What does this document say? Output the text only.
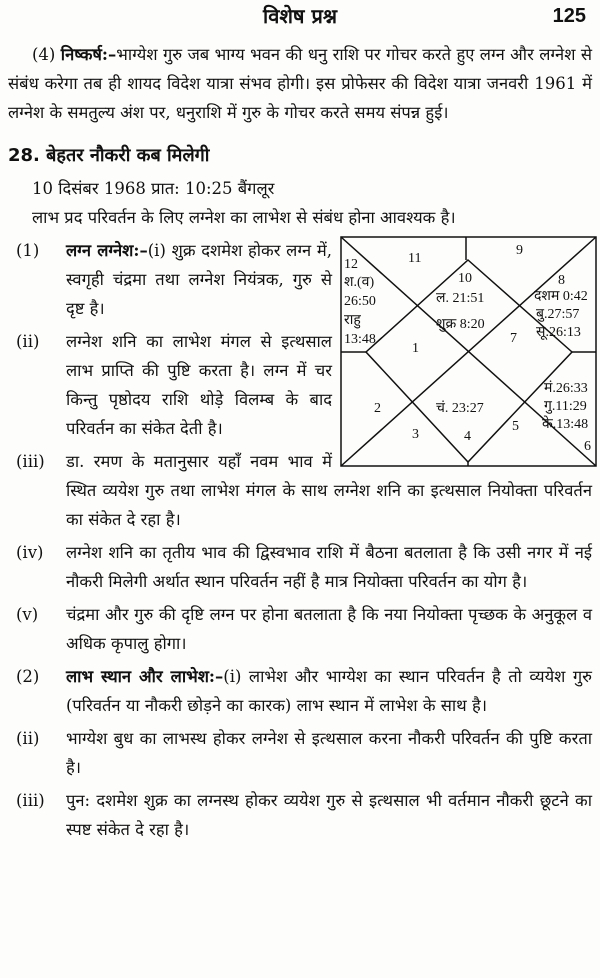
विशेष प्रश्न	125

(4) निष्कर्ष:–भाग्येश गुरु जब भाग्य भवन की धनु राशि पर गोचर करते हुए लग्न और लग्नेश से संबंध करेगा तब ही शायद विदेश यात्रा संभव होगी। इस प्रोफेसर की विदेश यात्रा जनवरी 1961 में लग्नेश के समतुल्य अंश पर, धनुराशि में गुरु के गोचर करते समय संपन्न हुई।

28. बेहतर नौकरी कब मिलेगी

10 दिसंबर 1968 प्रात: 10:25 बैंगलूर

लाभ प्रद परिवर्तन के लिए लग्नेश का लाभेश से संबंध होना आवश्यक है।

11
9
10
ल. 21:51
शुक्र 8:20
12
श.(व)
26:50
राहु
13:48
8
दशम 0:42
बु.27:57
सू.26:13
1
7
2	चं. 23:27
3	4
5
मं.26:33
गु.11:29
के.13:48
6
(1) लग्न लग्नेश:–(i) शुक्र दशमेश होकर लग्न में, स्वगृही चंद्रमा तथा लग्नेश नियंत्रक, गुरु से दृष्ट है।
(ii) लग्नेश शनि का लाभेश मंगल से इत्थसाल लाभ प्राप्ति की पुष्टि करता है। लग्न में चर किन्तु पृष्ठोदय राशि थोड़े विलम्ब के बाद परिवर्तन का संकेत देती है।
(iii) डा. रमण के मतानुसार यहाँ नवम भाव में स्थित व्ययेश गुरु तथा लाभेश मंगल के साथ लग्नेश शनि का इत्थसाल नियोक्ता परिवर्तन का संकेत दे रहा है।
(iv) लग्नेश शनि का तृतीय भाव की द्विस्वभाव राशि में बैठना बतलाता है कि उसी नगर में नई नौकरी मिलेगी अर्थात स्थान परिवर्तन नहीं है मात्र नियोक्ता परिवर्तन का योग है।
(v) चंद्रमा और गुरु की दृष्टि लग्न पर होना बतलाता है कि नया नियोक्ता पृच्छक के अनुकूल व अधिक कृपालु होगा।
(2) लाभ स्थान और लाभेश:–(i) लाभेश और भाग्येश का स्थान परिवर्तन है तो व्ययेश गुरु (परिवर्तन या नौकरी छोड़ने का कारक) लाभ स्थान में लाभेश के साथ है।
(ii) भाग्येश बुध का लाभस्थ होकर लग्नेश से इत्थसाल करना नौकरी परिवर्तन की पुष्टि करता है।
(iii) पुन: दशमेश शुक्र का लग्नस्थ होकर व्ययेश गुरु से इत्थसाल भी वर्तमान नौकरी छूटने का स्पष्ट संकेत दे रहा है।
